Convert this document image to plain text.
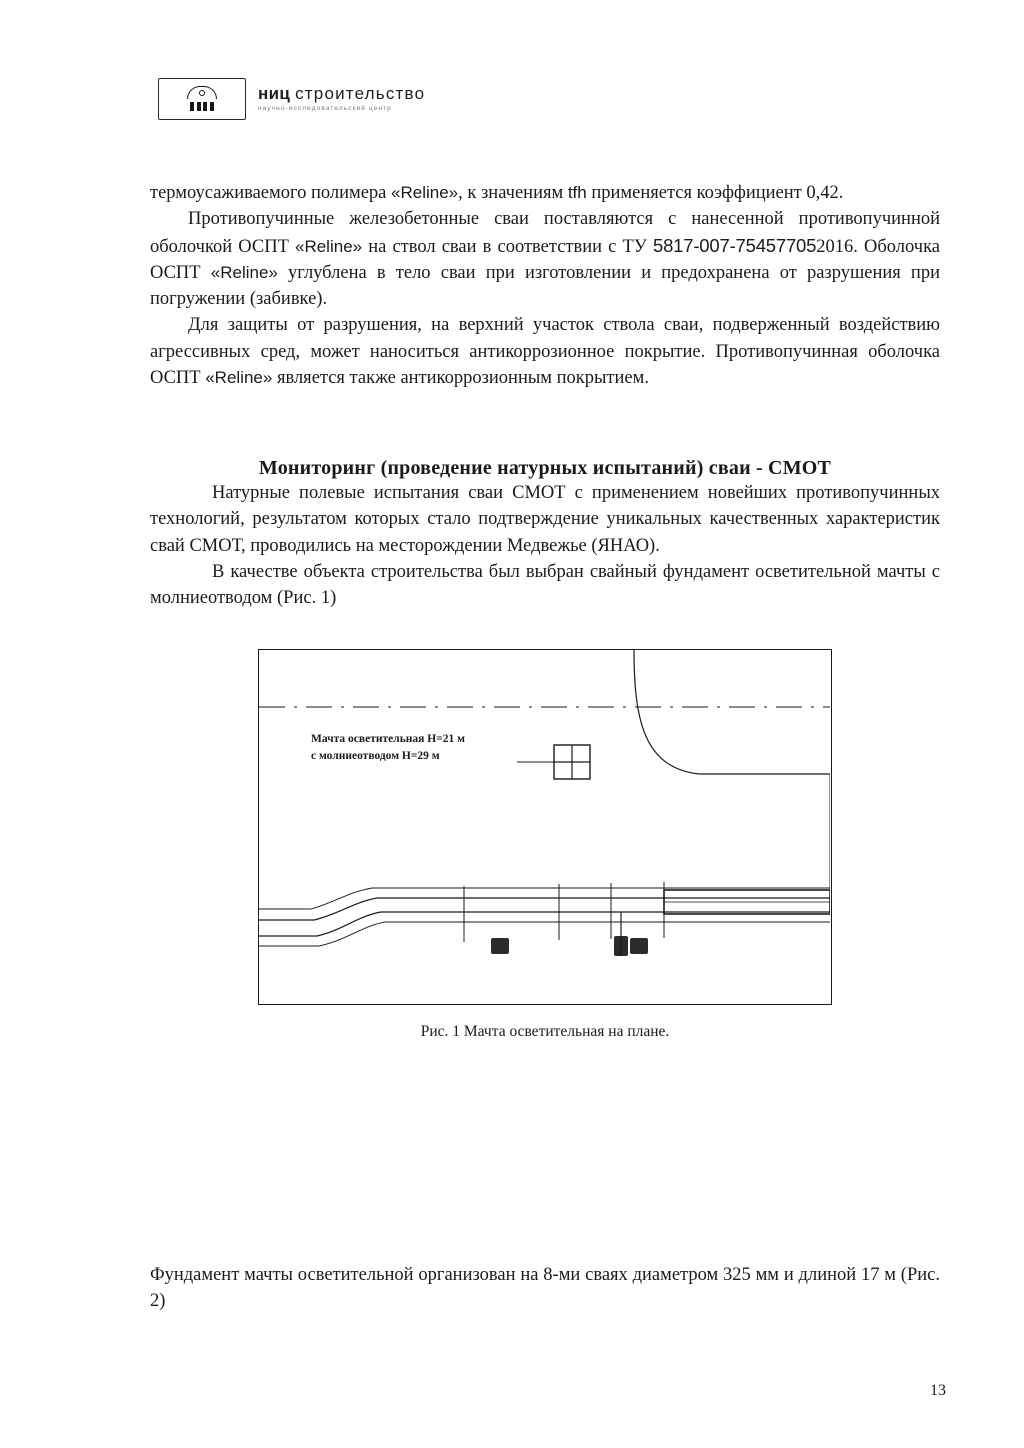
ниц строительство
научно-исследовательский центр

термоусаживаемого полимера «Reline», к значениям tfh применяется коэффициент 0,42.

Противопучинные железобетонные сваи поставляются с нанесенной противопучинной оболочкой ОСПТ «Reline» на ствол сваи в соответствии с ТУ 5817-007-754577052016. Оболочка ОСПТ «Reline» углублена в тело сваи при изготовлении и предохранена от разрушения при погружении (забивке).

Для защиты от разрушения, на верхний участок ствола сваи, подверженный воздействию агрессивных сред, может наноситься антикоррозионное покрытие. Противопучинная оболочка ОСПТ «Reline» является также антикоррозионным покрытием.

Мониторинг (проведение натурных испытаний) сваи - СМОТ

Натурные полевые испытания сваи СМОТ с применением новейших противопучинных технологий, результатом которых стало подтверждение уникальных качественных характеристик свай СМОТ, проводились на месторождении Медвежье (ЯНАО).

В качестве объекта строительства был выбран свайный фундамент осветительной мачты с молниеотводом (Рис. 1)

Мачта осветительная Н=21 м
с молниеотводом Н=29 м
Рис. 1 Мачта осветительная на плане.
Фундамент мачты осветительной организован на 8-ми сваях диаметром 325 мм и длиной 17 м (Рис. 2)
13
